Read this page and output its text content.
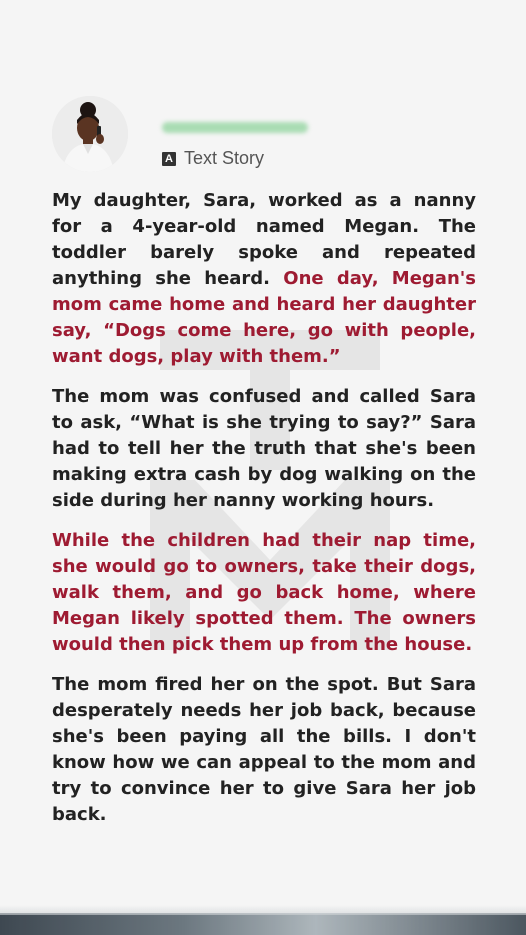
A Text Story

My daughter, Sara, worked as a nanny for a 4-year-old named Megan. The toddler barely spoke and repeated anything she heard. One day, Megan's mom came home and heard her daughter say, “Dogs come here, go with people, want dogs, play with them.”

The mom was confused and called Sara to ask, “What is she trying to say?” Sara had to tell her the truth that she's been making extra cash by dog walking on the side during her nanny working hours.

While the children had their nap time, she would go to owners, take their dogs, walk them, and go back home, where Megan likely spotted them. The owners would then pick them up from the house.

The mom fired her on the spot. But Sara desperately needs her job back, because she's been paying all the bills. I don't know how we can appeal to the mom and try to convince her to give Sara her job back.
